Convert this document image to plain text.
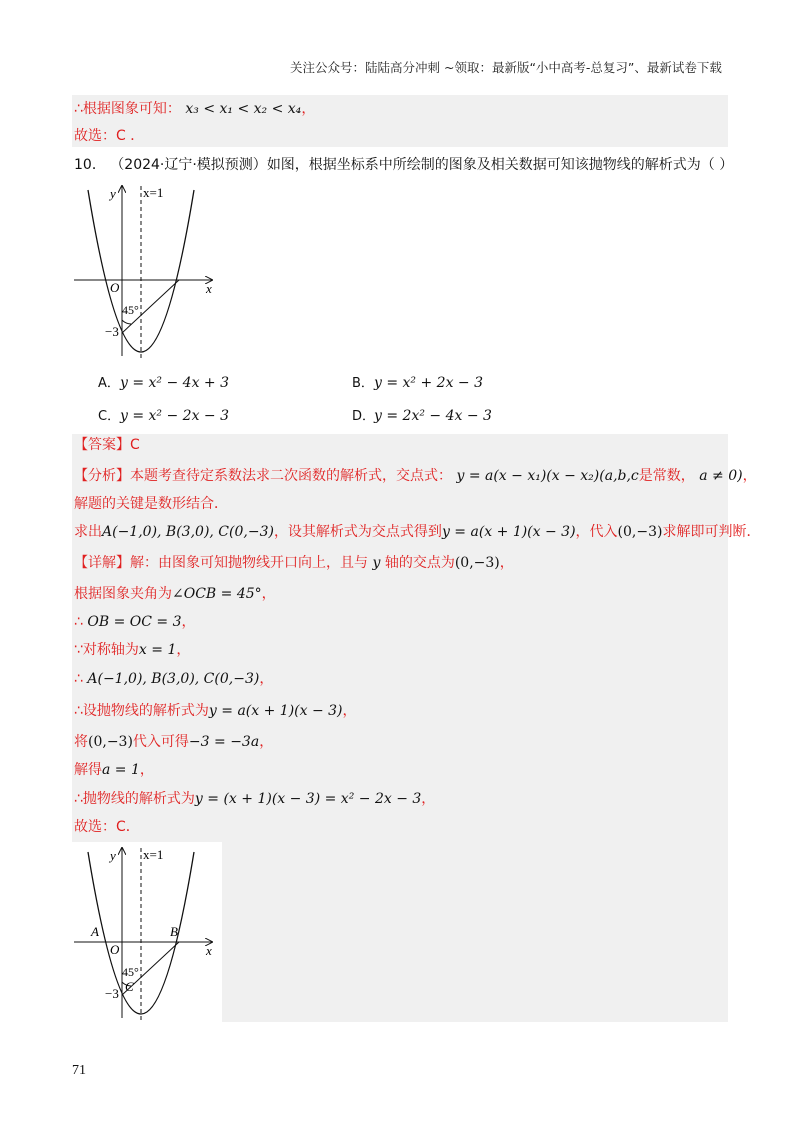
关注公众号：陆陆高分冲刺 ~领取：最新版“小中高考-总复习”、最新试卷下载
∴根据图象可知： x₃ < x₁ < x₂ < x₄，
故选：C ．
10． （2024·辽宁·模拟预测）如图，根据坐标系中所绘制的图象及相关数据可知该抛物线的解析式为（ ）
y x=1
x
O
45°
−3
A．y = x² − 4x + 3	B．y = x² + 2x − 3
C．y = x² − 2x − 3	D．y = 2x² − 4x − 3
【答案】C
【分析】本题考查待定系数法求二次函数的解析式，交点式： y = a(x − x₁)(x − x₂)(a,b,c是常数， a ≠ 0)，
解题的关键是数形结合．
求出A(−1,0), B(3,0), C(0,−3)，设其解析式为交点式得到y = a(x + 1)(x − 3)，代入(0,−3)求解即可判断．
【详解】解：由图象可知抛物线开口向上，且与 y 轴的交点为(0,−3)，
根据图象夹角为∠OCB = 45°，
∴ OB = OC = 3，
∵对称轴为x = 1，
∴ A(−1,0), B(3,0), C(0,−3)，
∴设抛物线的解析式为y = a(x + 1)(x − 3)，
将(0,−3)代入可得−3 = −3a，
解得a = 1，
∴抛物线的解析式为y = (x + 1)(x − 3) = x² − 2x − 3，
故选：C．
y x=1
x
O
A	B
45°
−3 C
71
